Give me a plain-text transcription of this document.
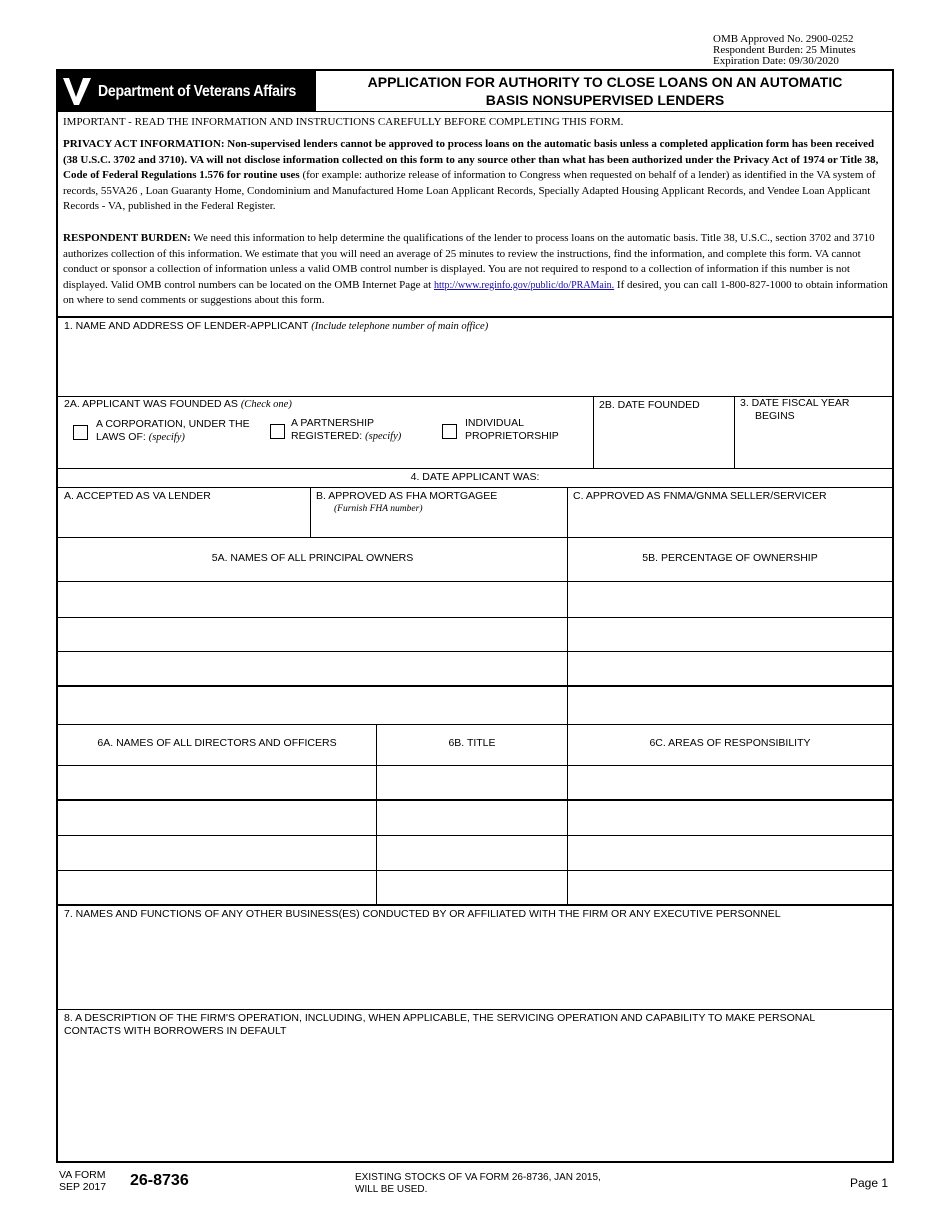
OMB Approved No. 2900-0252
Respondent Burden: 25 Minutes
Expiration Date: 09/30/2020
Department of Veterans Affairs
APPLICATION FOR AUTHORITY TO CLOSE LOANS ON AN AUTOMATIC
BASIS NONSUPERVISED LENDERS
IMPORTANT - READ THE INFORMATION AND INSTRUCTIONS CAREFULLY BEFORE COMPLETING THIS FORM.
PRIVACY ACT INFORMATION: Non-supervised lenders cannot be approved to process loans on the automatic basis unless a completed application form has been received (38 U.S.C. 3702 and 3710). VA will not disclose information collected on this form to any source other than what has been authorized under the Privacy Act of 1974 or Title 38, Code of Federal Regulations 1.576 for routine uses (for example: authorize release of information to Congress when requested on behalf of a lender) as identified in the VA system of records, 55VA26 , Loan Guaranty Home, Condominium and Manufactured Home Loan Applicant Records, Specially Adapted Housing Applicant Records, and Vendee Loan Applicant Records - VA, published in the Federal Register.
RESPONDENT BURDEN: We need this information to help determine the qualifications of the lender to process loans on the automatic basis. Title 38, U.S.C., section 3702 and 3710 authorizes collection of this information. We estimate that you will need an average of 25 minutes to review the instructions, find the information, and complete this form. VA cannot conduct or sponsor a collection of information unless a valid OMB control number is displayed. You are not required to respond to a collection of information if this number is not displayed. Valid OMB control numbers can be located on the OMB Internet Page at http://www.reginfo.gov/public/do/PRAMain. If desired, you can call 1-800-827-1000 to obtain information on where to send comments or suggestions about this form.
1. NAME AND ADDRESS OF LENDER-APPLICANT (Include telephone number of main office)
2A. APPLICANT WAS FOUNDED AS (Check one)
A CORPORATION, UNDER THE
LAWS OF: (specify)
A PARTNERSHIP
REGISTERED: (specify)
INDIVIDUAL
PROPRIETORSHIP
2B. DATE FOUNDED	3. DATE FISCAL YEAR
BEGINS
4. DATE APPLICANT WAS:
A. ACCEPTED AS VA LENDER	B. APPROVED AS FHA MORTGAGEE
(Furnish FHA number)
C. APPROVED AS FNMA/GNMA SELLER/SERVICER
5A. NAMES OF ALL PRINCIPAL OWNERS	5B. PERCENTAGE OF OWNERSHIP
6A. NAMES OF ALL DIRECTORS AND OFFICERS	6B. TITLE	6C. AREAS OF RESPONSIBILITY
7. NAMES AND FUNCTIONS OF ANY OTHER BUSINESS(ES) CONDUCTED BY OR AFFILIATED WITH THE FIRM OR ANY EXECUTIVE PERSONNEL
8. A DESCRIPTION OF THE FIRM'S OPERATION, INCLUDING, WHEN APPLICABLE, THE SERVICING OPERATION AND CAPABILITY TO MAKE PERSONAL
CONTACTS WITH BORROWERS IN DEFAULT
VA FORM
SEP 2017 26-8736	EXISTING STOCKS OF VA FORM 26-8736, JAN 2015,
WILL BE USED.	Page 1
